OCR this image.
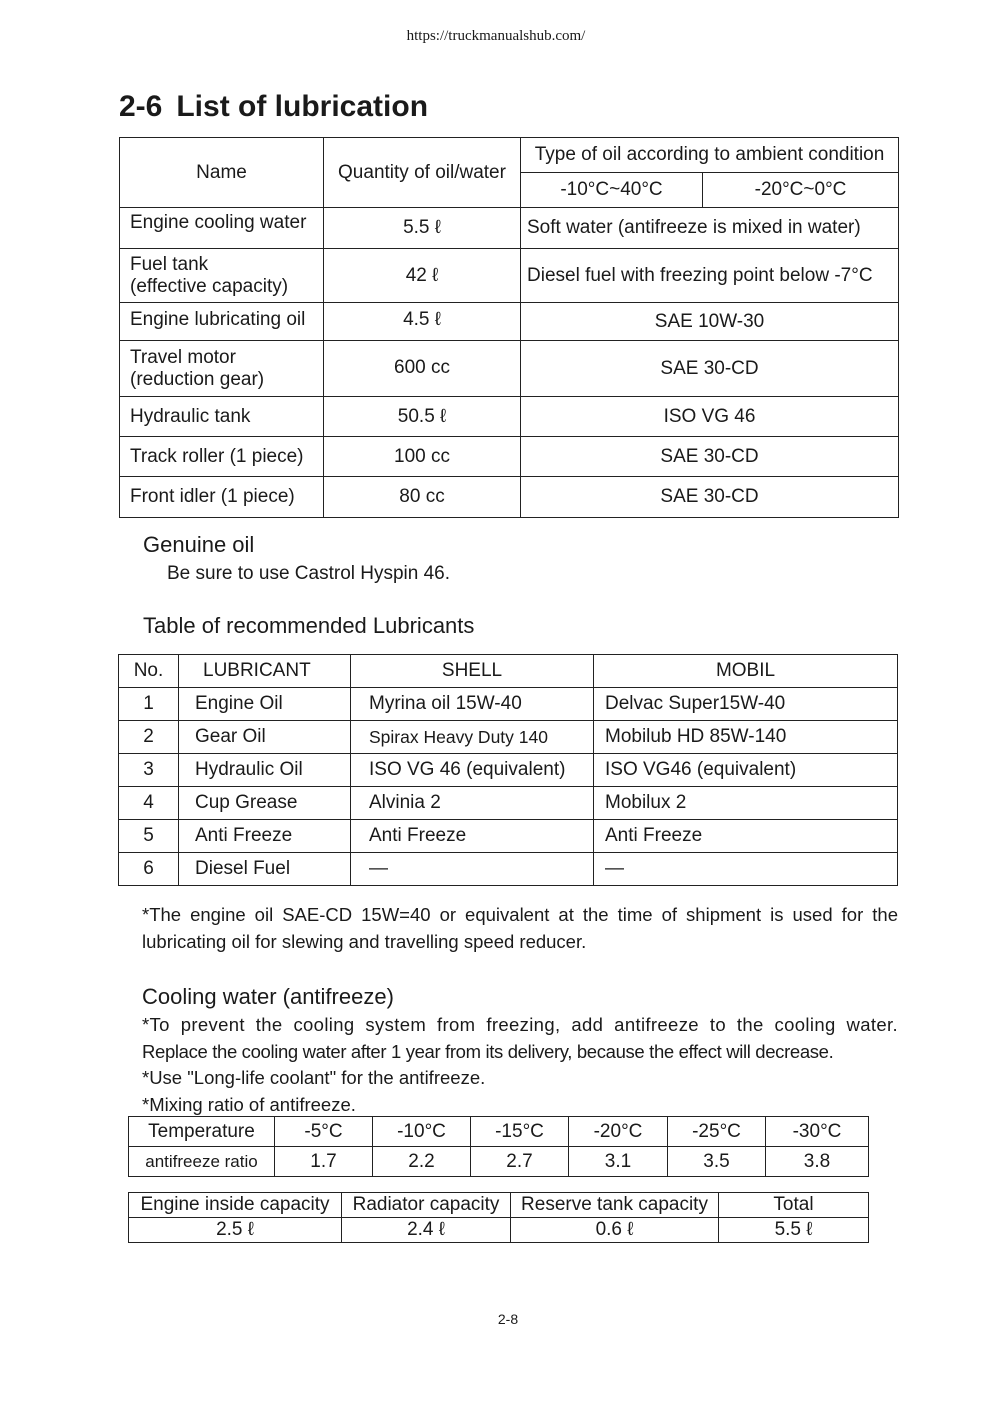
https://truckmanualshub.com/
2-6 List of lubrication
Name	Quantity of oil/water	Type of oil according to ambient condition	
		-10°C~40°C	-20°C~0°C
Engine cooling water	5.5 ℓ	Soft water (antifreeze is mixed in water)	
Fuel tank
(effective capacity)	42 ℓ	Diesel fuel with freezing point below -7°C	
Engine lubricating oil	4.5 ℓ	SAE 10W-30	
Travel motor
(reduction gear)	600 cc	SAE 30-CD	
Hydraulic tank	50.5 ℓ	ISO VG 46	
Track roller (1 piece)	100 cc	SAE 30-CD	
Front idler (1 piece)	80 cc	SAE 30-CD	
Genuine oil
Be sure to use Castrol Hyspin 46.
Table of recommended Lubricants
No.	LUBRICANT	SHELL	MOBIL
1	Engine Oil	Myrina oil 15W-40	Delvac Super15W-40
2	Gear Oil	Spirax Heavy Duty 140	Mobilub HD 85W-140
3	Hydraulic Oil	ISO VG 46 (equivalent)	ISO VG46 (equivalent)
4	Cup Grease	Alvinia 2	Mobilux 2
5	Anti Freeze	Anti Freeze	Anti Freeze
6	Diesel Fuel	—	—
*The engine oil SAE-CD 15W=40 or equivalent at the time of shipment is used for the lubricating oil for slewing and travelling speed reducer.
Cooling water (antifreeze)
*To prevent the cooling system from freezing, add antifreeze to the cooling water.
Replace the cooling water after 1 year from its delivery, because the effect will decrease.
*Use "Long-life coolant" for the antifreeze.
*Mixing ratio of antifreeze.
Temperature	-5°C	-10°C	-15°C	-20°C	-25°C	-30°C
antifreeze ratio	1.7	2.2	2.7	3.1	3.5	3.8
Engine inside capacity	Radiator capacity	Reserve tank capacity	Total
2.5 ℓ	2.4 ℓ	0.6 ℓ	5.5 ℓ
2-8
